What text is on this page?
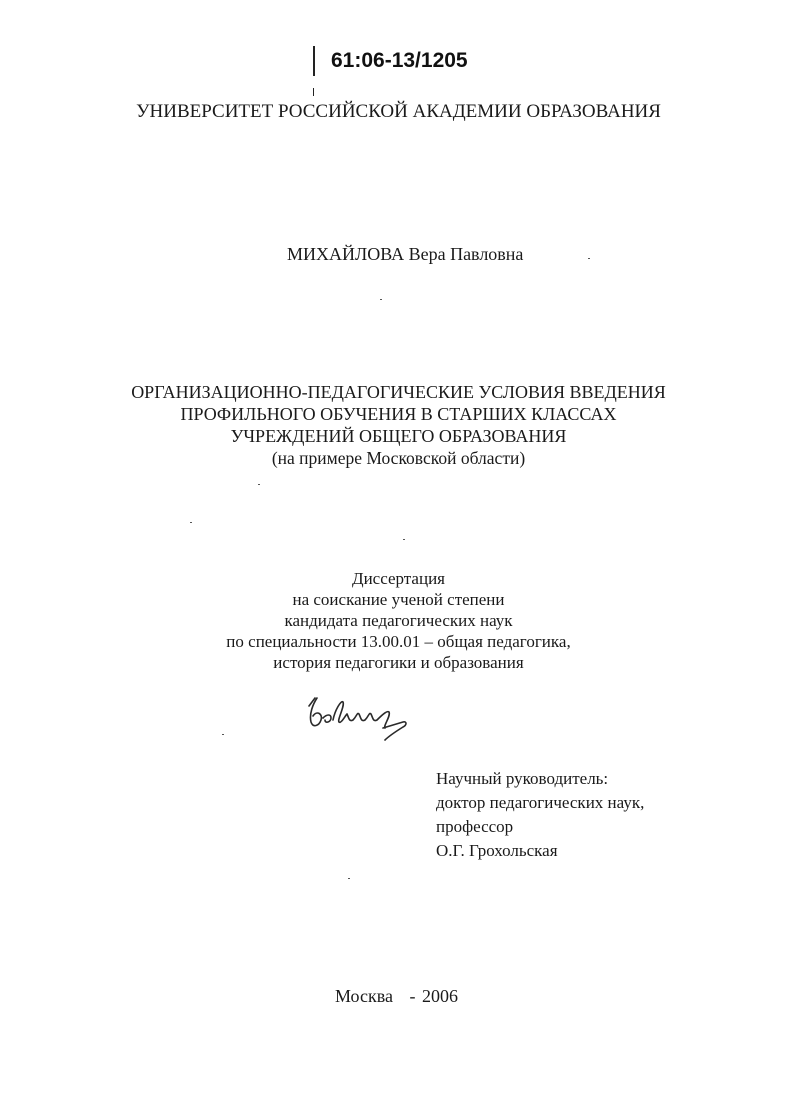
61:06-13/1205
УНИВЕРСИТЕТ РОССИЙСКОЙ АКАДЕМИИ ОБРАЗОВАНИЯ
МИХАЙЛОВА Вера Павловна
ОРГАНИЗАЦИОННО-ПЕДАГОГИЧЕСКИЕ УСЛОВИЯ ВВЕДЕНИЯ
ПРОФИЛЬНОГО ОБУЧЕНИЯ В СТАРШИХ КЛАССАХ
УЧРЕЖДЕНИЙ ОБЩЕГО ОБРАЗОВАНИЯ
(на примере Московской области)
Диссертация
на соискание ученой степени
кандидата педагогических наук
по специальности 13.00.01 – общая педагогика,
история педагогики и образования
Научный руководитель:
доктор педагогических наук,
профессор
О.Г. Грохольская
Москва - 2006
